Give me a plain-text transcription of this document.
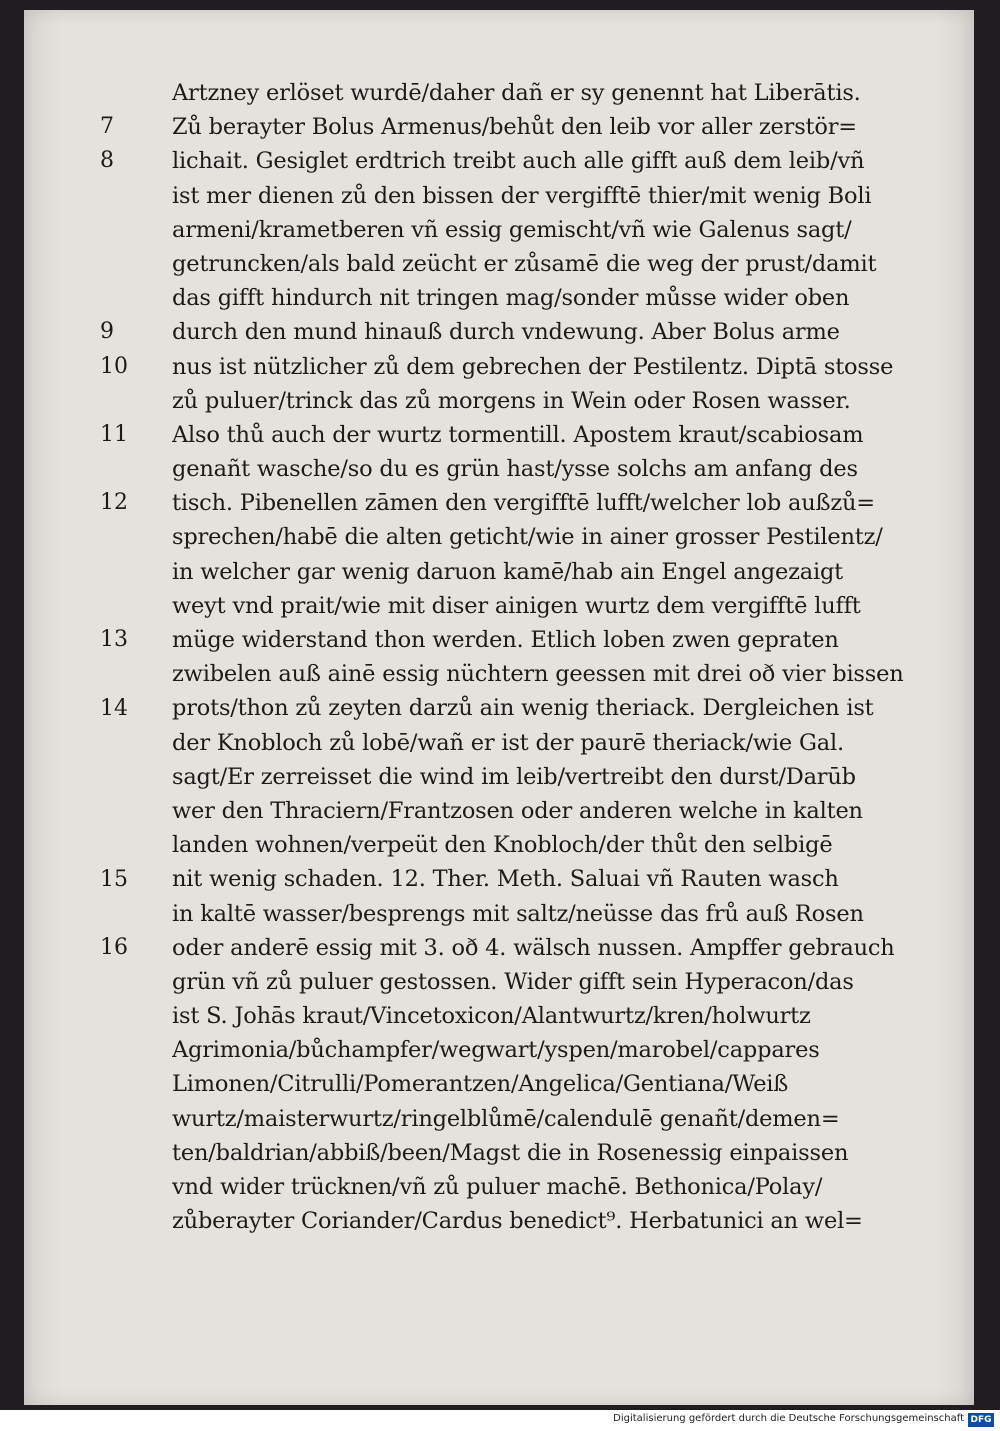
Artzney erlöset wurdē/daher dañ er sy genennt hat Liberātis.
Zů berayter Bolus Armenus/behůt den leib vor aller zerstör=
lichait. Gesiglet erdtrich treibt auch alle gifft auß dem leib/vñ
ist mer dienen zů den bissen der vergifftē thier/mit wenig Boli
armeni/krametberen vñ essig gemischt/vñ wie Galenus sagt/
getruncken/als bald zeücht er zůsamē die weg der prust/damit
das gifft hindurch nit tringen mag/sonder můsse wider oben
durch den mund hinauß durch vndewung. Aber Bolus arme
nus ist nützlicher zů dem gebrechen der Pestilentz. Diptā stosse
zů puluer/trinck das zů morgens in Wein oder Rosen wasser.
Also thů auch der wurtz tormentill. Apostem kraut/scabiosam
genañt wasche/so du es grün hast/ysse solchs am anfang des
tisch. Pibenellen zāmen den vergifftē lufft/welcher lob außzů=
sprechen/habē die alten geticht/wie in ainer grosser Pestilentz/
in welcher gar wenig daruon kamē/hab ain Engel angezaigt
weyt vnd prait/wie mit diser ainigen wurtz dem vergifftē lufft
müge widerstand thon werden. Etlich loben zwen gepraten
zwibelen auß ainē essig nüchtern geessen mit drei oð vier bissen
prots/thon zů zeyten darzů ain wenig theriack. Dergleichen ist
der Knobloch zů lobē/wañ er ist der paurē theriack/wie Gal.
sagt/Er zerreisset die wind im leib/vertreibt den durst/Darūb
wer den Thraciern/Frantzosen oder anderen welche in kalten
landen wohnen/verpeüt den Knobloch/der thůt den selbigē
nit wenig schaden. 12. Ther. Meth. Saluai vñ Rauten wasch
in kaltē wasser/besprengs mit saltz/neüsse das frů auß Rosen
oder anderē essig mit 3. oð 4. wälsch nussen. Ampffer gebrauch
grün vñ zů puluer gestossen. Wider gifft sein Hyperacon/das
ist S. Johās kraut/Vincetoxicon/Alantwurtz/kren/holwurtz
Agrimonia/bůchampfer/wegwart/yspen/marobel/cappares
Limonen/Citrulli/Pomerantzen/Angelica/Gentiana/Weiß
wurtz/maisterwurtz/ringelblůmē/calendulē genañt/demen=
ten/baldrian/abbiß/been/Magst die in Rosenessig einpaissen
vnd wider trücknen/vñ zů puluer machē. Bethonica/Polay/
zůberayter Coriander/Cardus benedict⁹. Herbatunici an wel=
7
8
9
10
11
12
13
14
15
16
Digitalisierung gefördert durch die Deutsche Forschungsgemeinschaft DFG
